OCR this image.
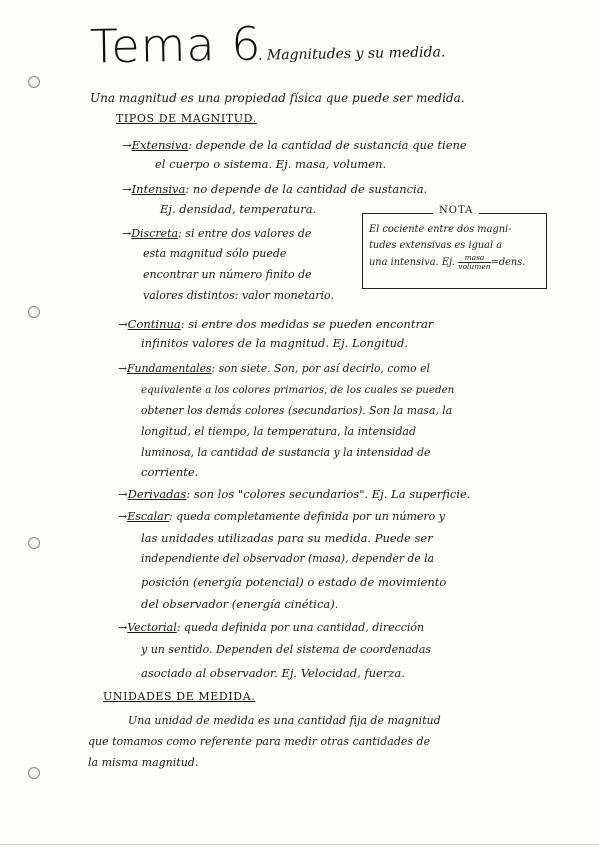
Tema 6
. Magnitudes y su medida.
Una magnitud es una propiedad física que puede ser medida.
TIPOS DE MAGNITUD.
→Extensiva: depende de la cantidad de sustancia que tiene
el cuerpo o sistema. Ej. masa, volumen.
→Intensiva: no depende de la cantidad de sustancia.
Ej. densidad, temperatura.
→Discreta: si entre dos valores de
esta magnitud sólo puede
encontrar un número finito de
valores distintos: valor monetario.
NOTA
El cociente entre dos magni-
tudes extensivas es igual a
una intensiva. Ej. $\frac{\text{masa}}{\text{volumen}}$ =dens.
→Continua: si entre dos medidas se pueden encontrar
infinitos valores de la magnitud. Ej. Longitud.
→Fundamentales: son siete. Son, por así decirlo, como el
equivalente a los colores primarios, de los cuales se pueden
obtener los demás colores (secundarios). Son la masa, la
longitud, el tiempo, la temperatura, la intensidad
luminosa, la cantidad de sustancia y la intensidad de
corriente.
→Derivadas: son los "colores secundarios". Ej. La superficie.
→Escalar: queda completamente definida por un número y
las unidades utilizadas para su medida. Puede ser
independiente del observador (masa), depender de la
posición (energía potencial) o estado de movimiento
del observador (energía cinética).
→Vectorial: queda definida por una cantidad, dirección
y un sentido. Dependen del sistema de coordenadas
asociado al observador. Ej. Velocidad, fuerza.
UNIDADES DE MEDIDA.
Una unidad de medida es una cantidad fija de magnitud
que tomamos como referente para medir otras cantidades de
la misma magnitud.
